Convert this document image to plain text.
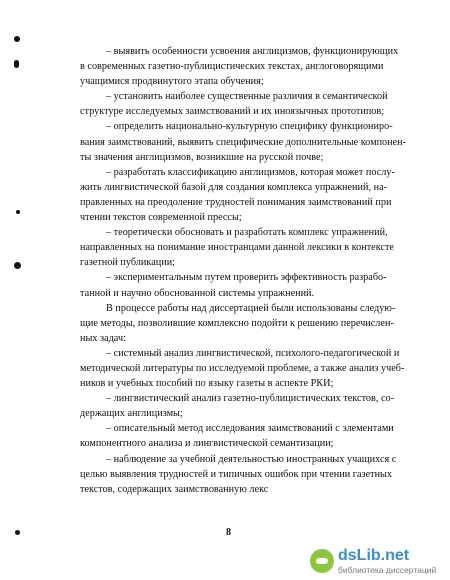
– выявить особенности усвоения англицизмов, функционирующих

в современных газетно-публицистических текстах, англоговорящими

учащимися продвинутого этапа обучения;

– установить наиболее существенные различия в семантической

структуре исследуемых заимствований и их иноязычных прототипов;

– определить национально-культурную специфику функциониро-

вания заимствований, выявить специфические дополнительные компонен-

ты значения англицизмов, возникшие на русской почве;

– разработать классификацию англицизмов, которая может послу-

жить лингвистической базой для создания комплекса упражнений, на-

правленных на преодоление трудностей понимания заимствований при

чтении текстов современной прессы;

– теоретически обосновать и разработать комплекс упражнений,

направленных на понимание иностранцами данной лексики в контексте

газетной публикации;

– экспериментальным путем проверить эффективность разрабо-

танной и научно обоснованной системы упражнений.

В процессе работы над диссертацией были использованы следую-

щие методы, позволившие комплексно подойти к решению перечислен-

ных задач:

– системный анализ лингвистической, психолого-педагогической и

методической литературы по исследуемой проблеме, а также анализ учеб-

ников и учебных пособий по языку газеты в аспекте РКИ;

– лингвистический анализ газетно-публицистических текстов, со-

держащих англицизмы;

– описательный метод исследования заимствований с элементами

компонентного анализа и лингвистической семантизации;

– наблюдение за учебной деятельностью иностранных учащихся с

целью выявления трудностей и типичных ошибок при чтении газетных

текстов, содержащих заимствованную лекс

8
dsLib.net
библиотека диссертаций
